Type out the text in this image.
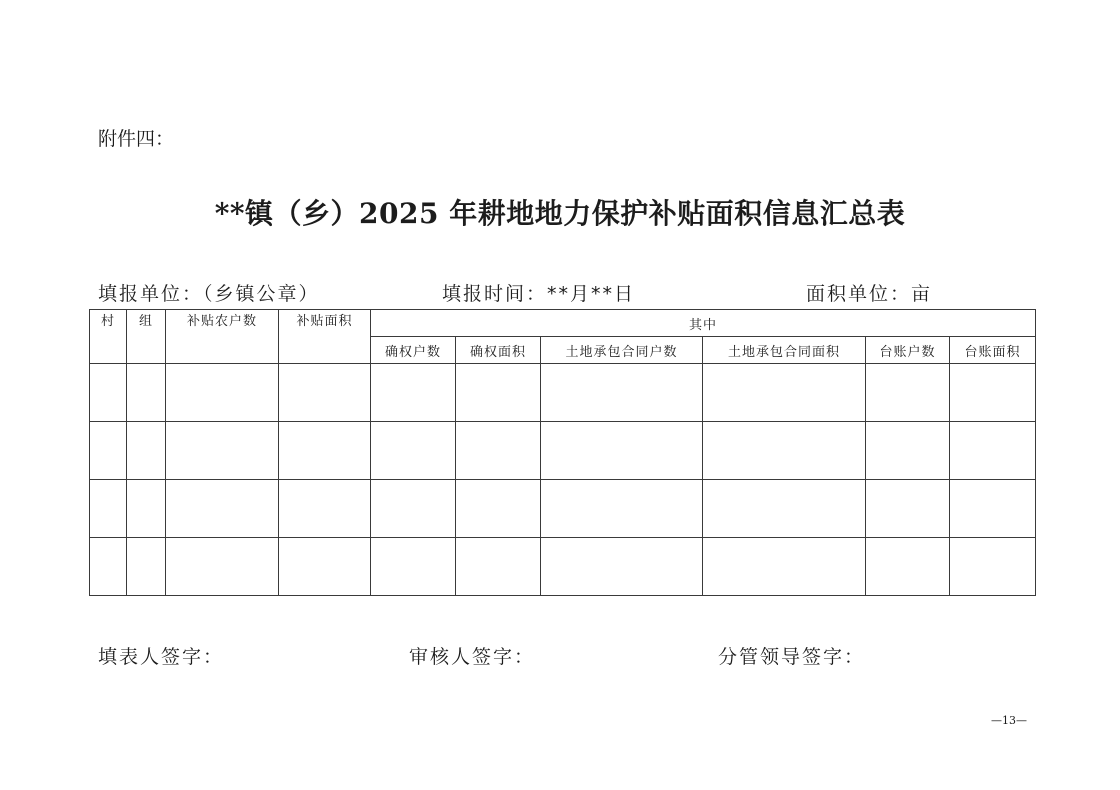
附件四：
**镇（乡）2025 年耕地地力保护补贴面积信息汇总表
填报单位：（乡镇公章）	填报时间：**月**日	面积单位：亩
村	组	补贴农户数	补贴面积	其中					
				确权户数	确权面积	土地承包合同户数	土地承包合同面积	台账户数	台账面积

填表人签字：	审核人签字：	分管领导签字：
—13—
